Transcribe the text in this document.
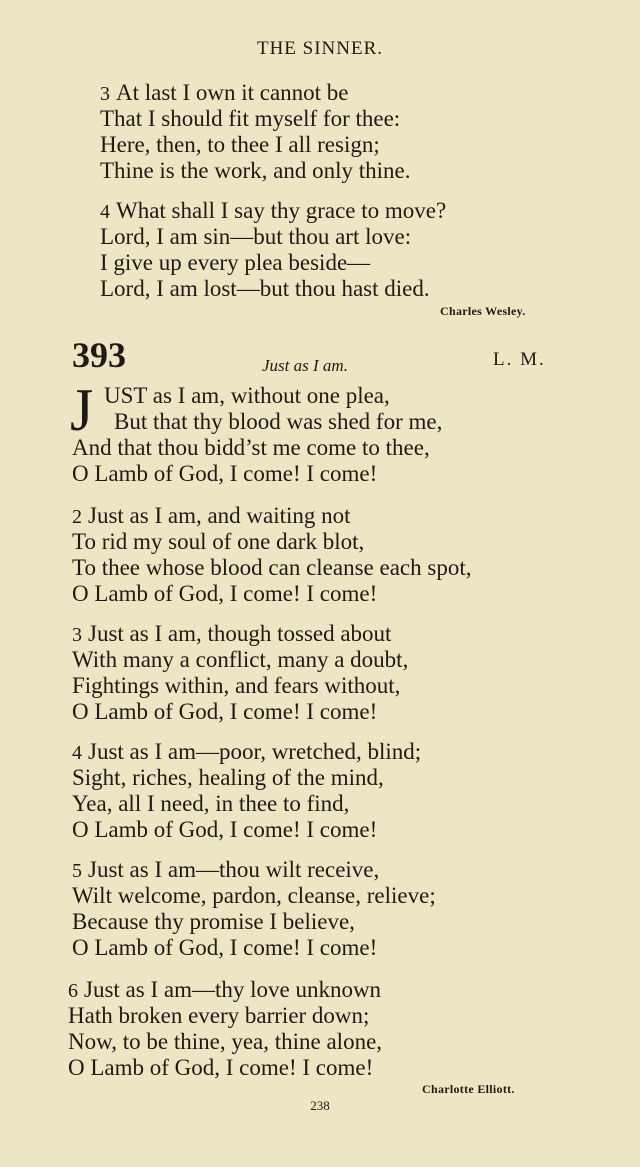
THE SINNER.
3 At last I own it cannot be
That I should fit myself for thee:
Here, then, to thee I all resign;
Thine is the work, and only thine.
4 What shall I say thy grace to move?
Lord, I am sin—but thou art love:
I give up every plea beside—
Lord, I am lost—but thou hast died.
Charles Wesley.
393	Just as I am.	L. M.
J UST as I am, without one plea,
But that thy blood was shed for me,
And that thou bidd’st me come to thee,
O Lamb of God, I come! I come!
2 Just as I am, and waiting not
To rid my soul of one dark blot,
To thee whose blood can cleanse each spot,
O Lamb of God, I come! I come!
3 Just as I am, though tossed about
With many a conflict, many a doubt,
Fightings within, and fears without,
O Lamb of God, I come! I come!
4 Just as I am—poor, wretched, blind;
Sight, riches, healing of the mind,
Yea, all I need, in thee to find,
O Lamb of God, I come! I come!
5 Just as I am—thou wilt receive,
Wilt welcome, pardon, cleanse, relieve;
Because thy promise I believe,
O Lamb of God, I come! I come!
6 Just as I am—thy love unknown
Hath broken every barrier down;
Now, to be thine, yea, thine alone,
O Lamb of God, I come! I come!
Charlotte Elliott.
238
